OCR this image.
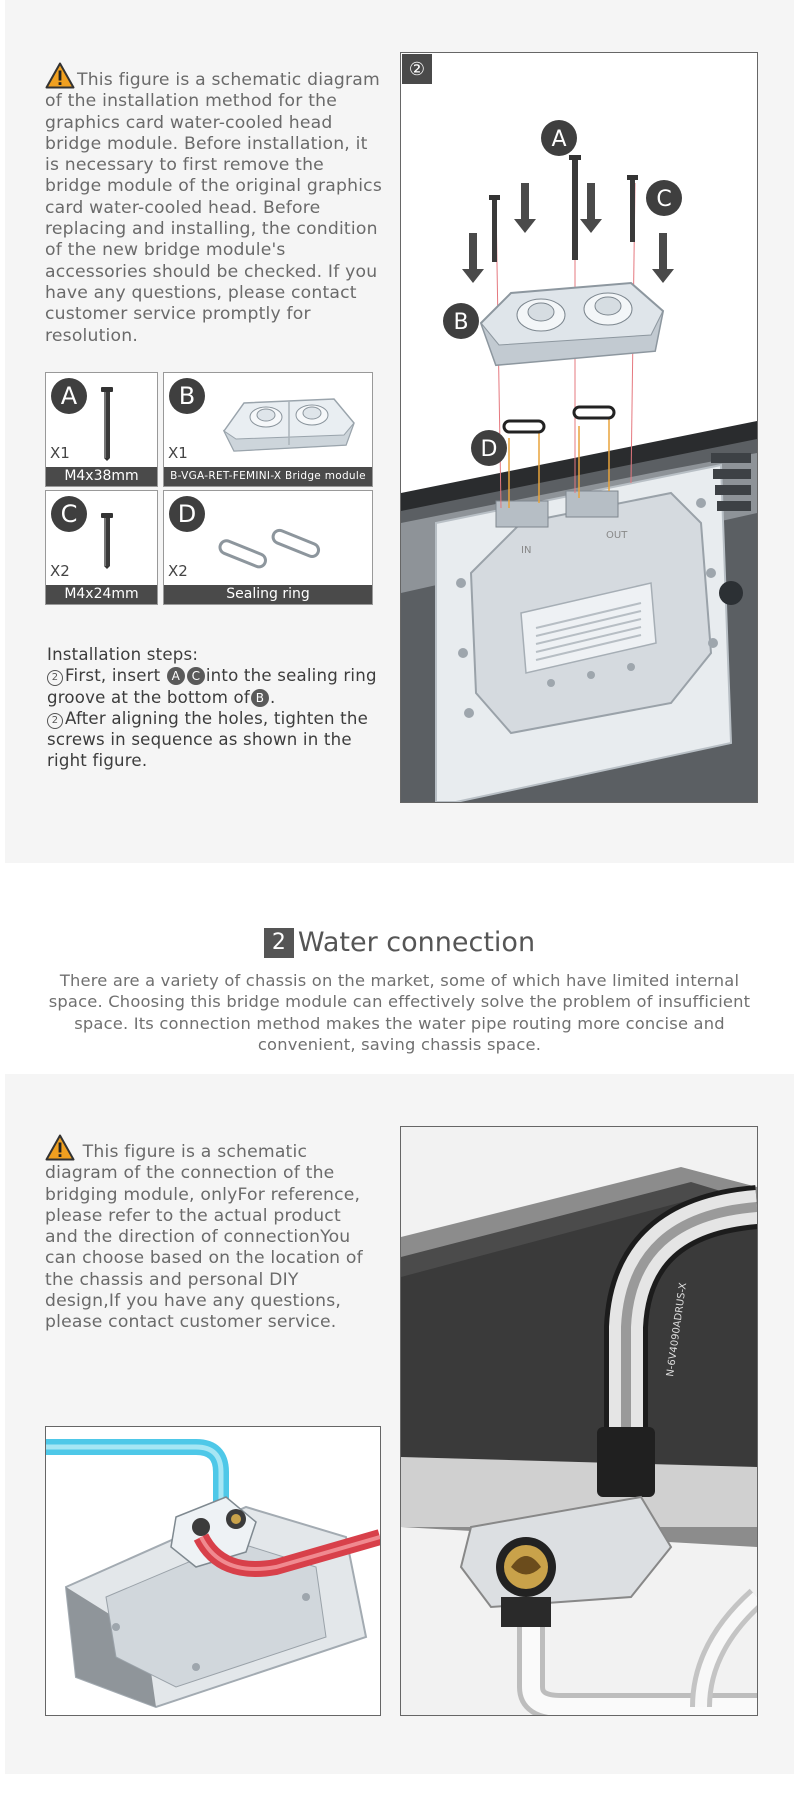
This figure is a schematic diagram of the installation method for the graphics card water-cooled head bridge module. Before installation, it is necessary to first remove the bridge module of the original graphics card water-cooled head. Before replacing and installing, the condition of the new bridge module's accessories should be checked. If you have any questions, please contact customer service promptly for resolution.
A
X1
M4x38mm
B
X1
B-VGA-RET-FEMINI-X Bridge module
C
X2
M4x24mm
D
X2
Sealing ring
Installation steps:
2 First, insert A C into the sealing ring groove at the bottom of B .
2 After aligning the holes, tighten the screws in sequence as shown in the right figure.
②
IN
OUT
A
C
B
D
2 Water connection
There are a variety of chassis on the market, some of which have limited internal space. Choosing this bridge module can effectively solve the problem of insufficient space. Its connection method makes the water pipe routing more concise and convenient, saving chassis space.
This figure is a schematic diagram of the connection of the bridging module, onlyFor reference, please refer to the actual product and the direction of connectionYou can choose based on the location of the chassis and personal DIY design,If you have any questions, please contact customer service.	N-6V4090ADRUS-X
